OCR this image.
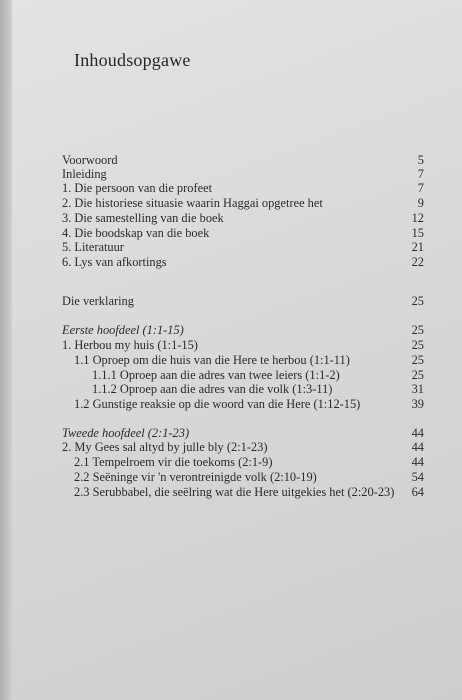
Inhoudsopgawe
Voorwoord	5
Inleiding	7
1. Die persoon van die profeet	7
2. Die historiese situasie waarin Haggai opgetree het	9
3. Die samestelling van die boek	12
4. Die boodskap van die boek	15
5. Literatuur	21
6. Lys van afkortings	22
Die verklaring	25
Eerste hoofdeel (1:1-15)	25
1. Herbou my huis (1:1-15)	25
1.1 Oproep om die huis van die Here te herbou (1:1-11)	25
1.1.1 Oproep aan die adres van twee leiers (1:1-2)	25
1.1.2 Oproep aan die adres van die volk (1:3-11)	31
1.2 Gunstige reaksie op die woord van die Here (1:12-15)	39
Tweede hoofdeel (2:1-23)	44
2. My Gees sal altyd by julle bly (2:1-23)	44
2.1 Tempelroem vir die toekoms (2:1-9)	44
2.2 Seëninge vir 'n verontreinigde volk (2:10-19)	54
2.3 Serubbabel, die seëlring wat die Here uitgekies het (2:20-23) 64
